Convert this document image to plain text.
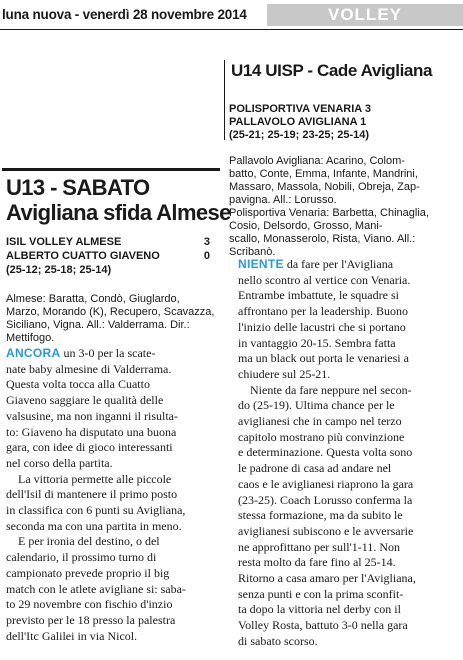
luna nuova - venerdì 28 novembre 2014	VOLLEY
U13 - SABATO
Avigliana sfida Almese
ISIL VOLLEY ALMESE	3
ALBERTO CUATTO GIAVENO	0
(25-12; 25-18; 25-14)

Almese: Baratta, Condò, Giuglardo,

Marzo, Morando (K), Recupero, Scavazza, Siciliano, Vigna. All.: Valderrama. Dir.:

Mettifogo.

ANCORA un 3-0 per la scate-

nate baby almesine di Valderrama.

Questa volta tocca alla Cuatto

Giaveno saggiare le qualità delle

valsusine, ma non inganni il risulta-

to: Giaveno ha disputato una buona

gara, con idee di gioco interessanti

nel corso della partita.

La vittoria permette alle piccole

dell'Isil di mantenere il primo posto

in classifica con 6 punti su Avigliana,

seconda ma con una partita in meno.

E per ironia del destino, o del

calendario, il prossimo turno di

campionato prevede proprio il big

match con le atlete avigliane si: saba-

to 29 novembre con fischio d'inzio

previsto per le 18 presso la palestra

dell'Itc Galilei in via Nicol.

U14 UISP - Cade Avigliana
POLISPORTIVA VENARIA 3
PALLAVOLO AVIGLIANA 1
(25-21; 25-19; 23-25; 25-14)

Pallavolo Avigliana: Acarino, Colom-

batto, Conte, Emma, Infante, Mandrini,

Massaro, Massola, Nobili, Obreja, Zap-

pavigna. All.: Lorusso.

Polisportiva Venaria: Barbetta, Chinaglia, Cosio, Delsordo, Grosso, Mani-

scallo, Monasserolo, Rista, Viano. All.:

Scribanò.

NIENTE da fare per l'Avigliana

nello scontro al vertice con Venaria.

Entrambe imbattute, le squadre si

affrontano per la leadership. Buono

l'inizio delle lacustri che si portano

in vantaggio 20-15. Sembra fatta

ma un black out porta le venariesi a

chiudere sul 25-21.

Niente da fare neppure nel secon-

do (25-19). Ultima chance per le

aviglianesi che in campo nel terzo

capitolo mostrano più convinzione

e determinazione. Questa volta sono

le padrone di casa ad andare nel

caos e le aviglianesi riaprono la gara

(23-25). Coach Lorusso conferma la

stessa formazione, ma da subito le

aviglianesi subiscono e le avversarie

ne approfittano per sull'1-11. Non

resta molto da fare fino al 25-14.

Ritorno a casa amaro per l'Avigliana,

senza punti e con la prima sconfit-

ta dopo la vittoria nel derby con il

Volley Rosta, battuto 3-0 nella gara

di sabato scorso.
